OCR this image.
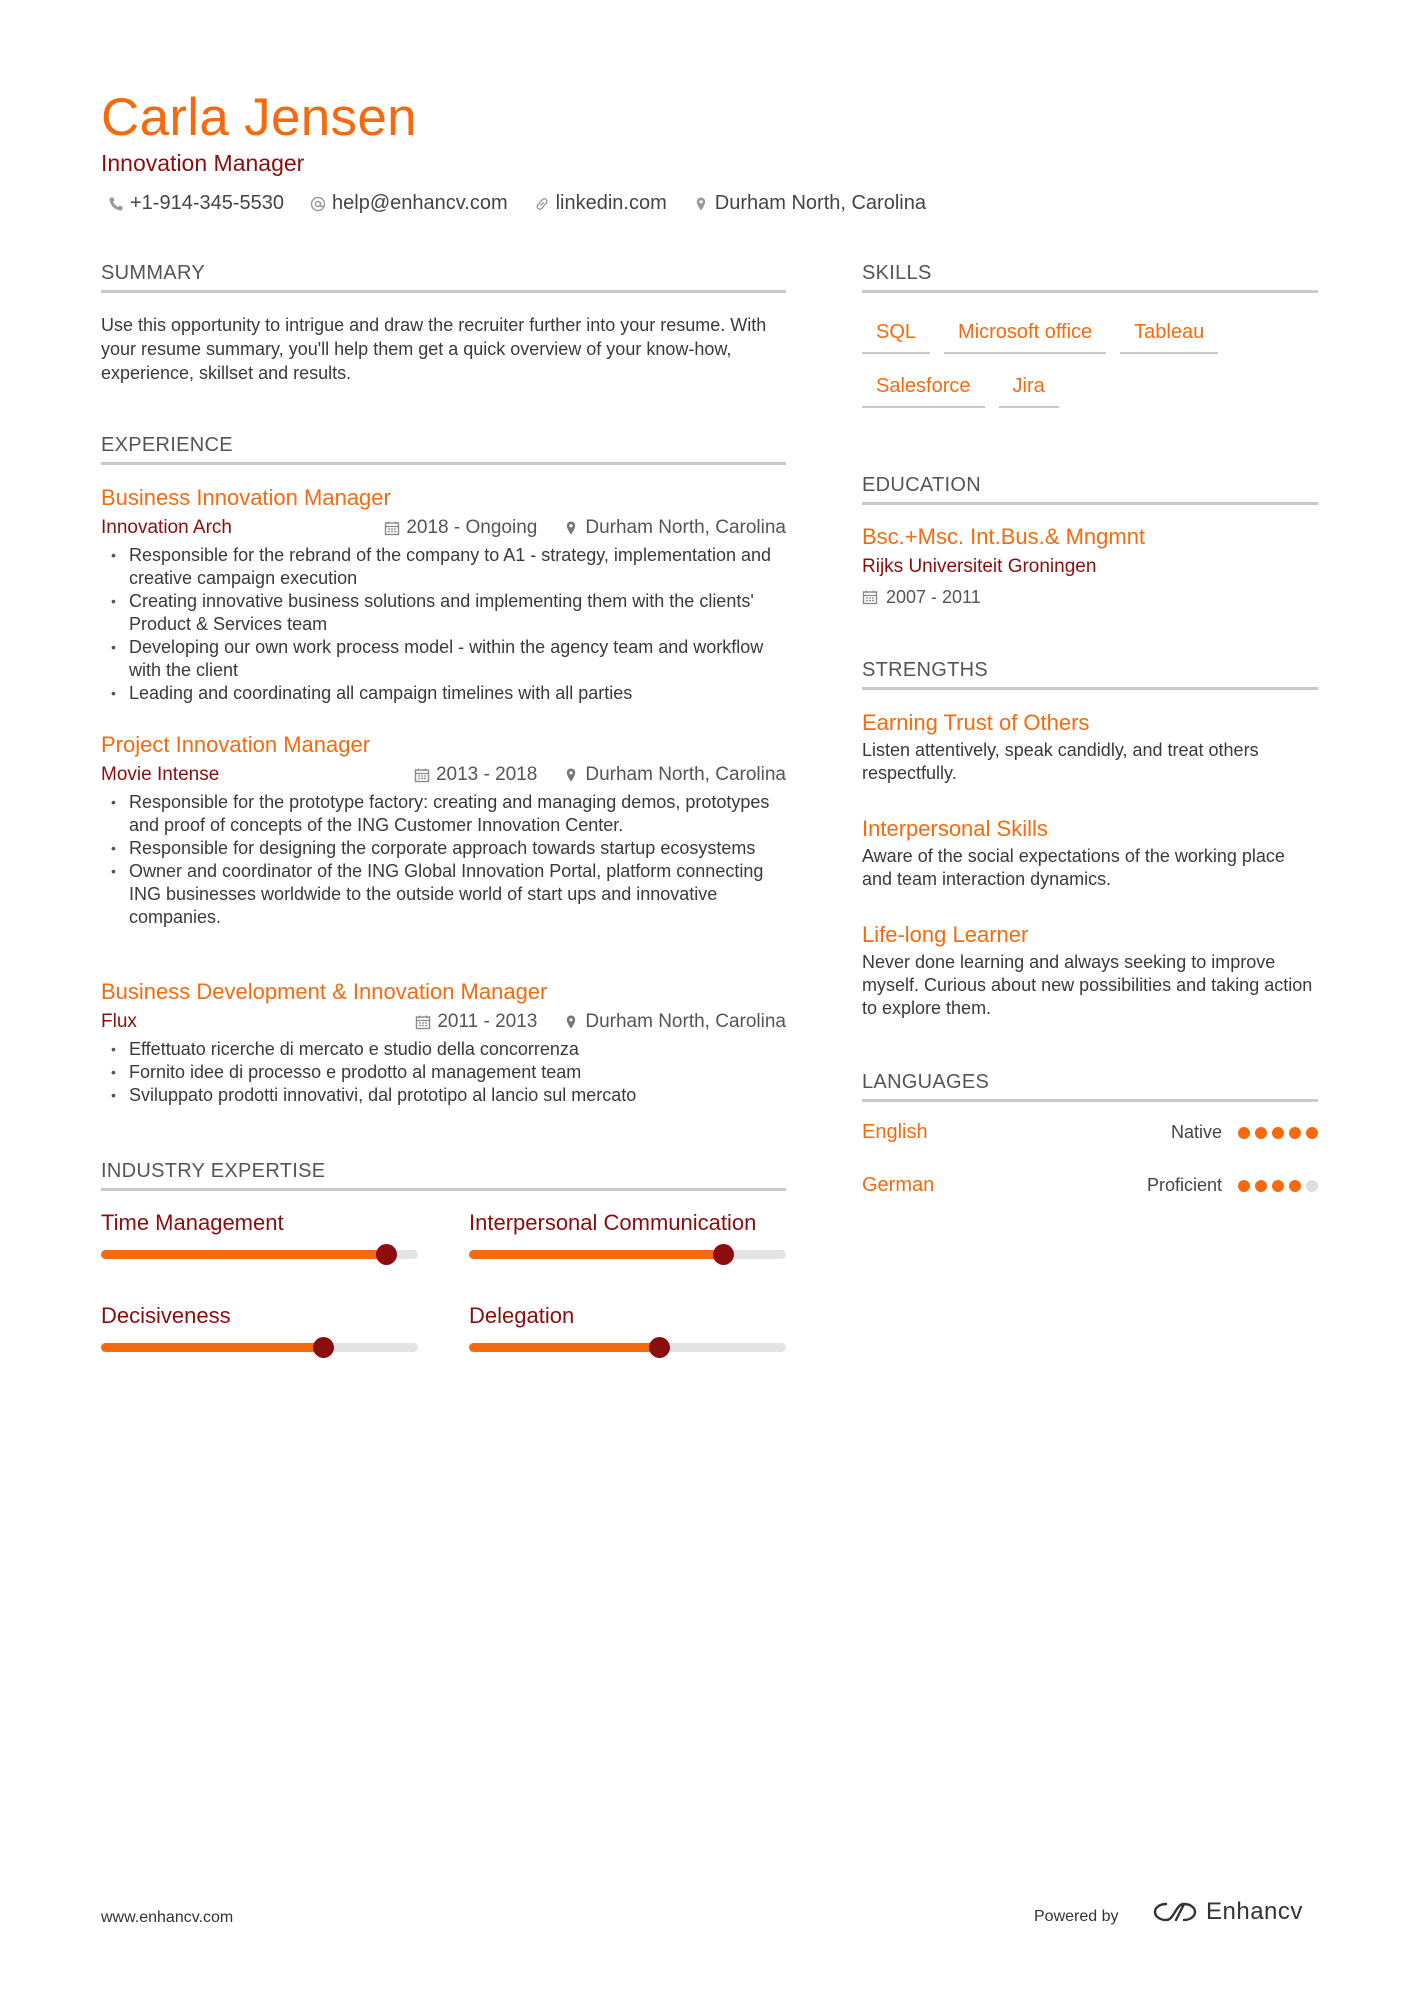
Carla Jensen
Innovation Manager
+1-914-345-5530 help@enhancv.com linkedin.com Durham North, Carolina
SUMMARY
Use this opportunity to intrigue and draw the recruiter further into your resume. With your resume summary, you'll help them get a quick overview of your know-how, experience, skillset and results.
EXPERIENCE
Business Innovation Manager
Innovation Arch	2018 - Ongoing	Durham North, Carolina
• Responsible for the rebrand of the company to A1 - strategy, implementation and creative campaign execution
• Creating innovative business solutions and implementing them with the clients' Product & Services team
• Developing our own work process model - within the agency team and workflow with the client
• Leading and coordinating all campaign timelines with all parties
Project Innovation Manager
Movie Intense	2013 - 2018	Durham North, Carolina
• Responsible for the prototype factory: creating and managing demos, prototypes and proof of concepts of the ING Customer Innovation Center.
• Responsible for designing the corporate approach towards startup ecosystems
• Owner and coordinator of the ING Global Innovation Portal, platform connecting ING businesses worldwide to the outside world of start ups and innovative companies.
Business Development & Innovation Manager
Flux	2011 - 2013	Durham North, Carolina
• Effettuato ricerche di mercato e studio della concorrenza
• Fornito idee di processo e prodotto al management team
• Sviluppato prodotti innovativi, dal prototipo al lancio sul mercato
INDUSTRY EXPERTISE
Time Management	Interpersonal Communication
Decisiveness	Delegation
SKILLS
SQL	Microsoft office	Tableau
Salesforce	Jira
EDUCATION
Bsc.+Msc. Int.Bus.& Mngmnt
Rijks Universiteit Groningen
2007 - 2011
STRENGTHS
Earning Trust of Others
Listen attentively, speak candidly, and treat others respectfully.
Interpersonal Skills
Aware of the social expectations of the working place and team interaction dynamics.
Life-long Learner
Never done learning and always seeking to improve myself. Curious about new possibilities and taking action to explore them.
LANGUAGES
English	Native
German	Proficient
www.enhancv.com	Powered by	Enhancv
